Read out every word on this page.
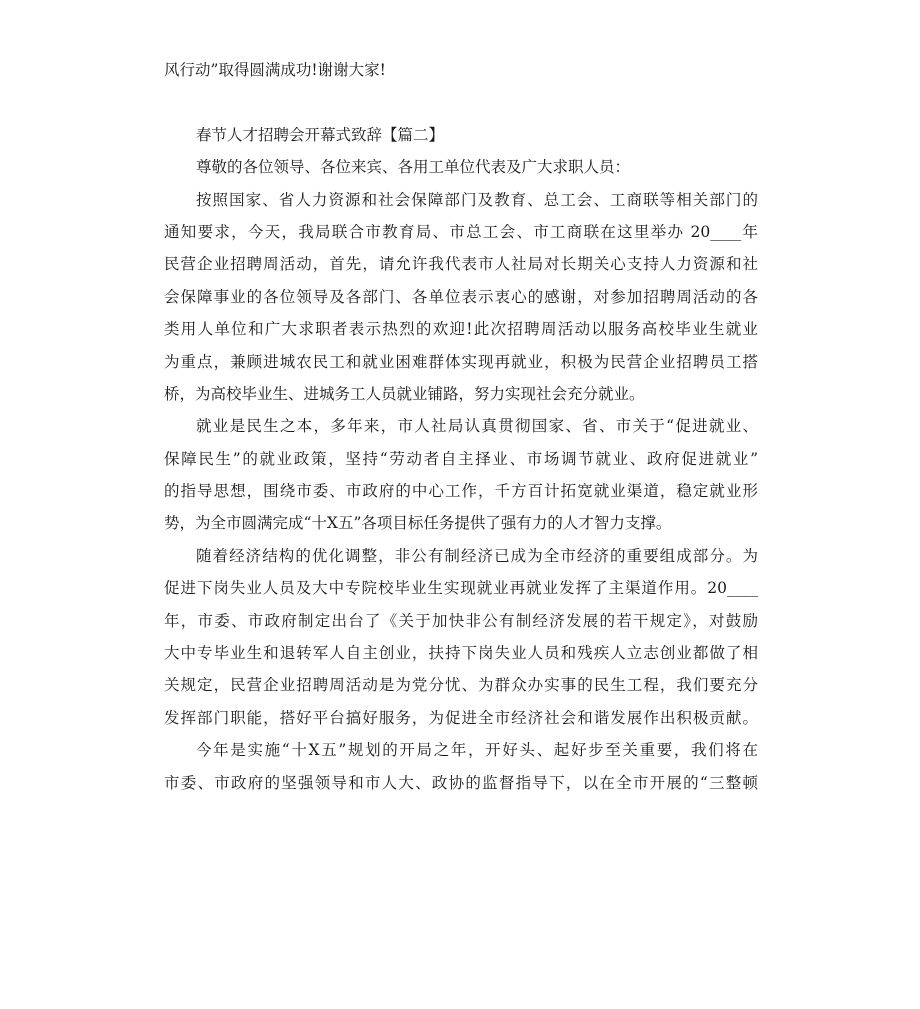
风行动”取得圆满成功!谢谢大家!

春节人才招聘会开幕式致辞【篇二】

尊敬的各位领导、各位来宾、各用工单位代表及广大求职人员：

按照国家、省人力资源和社会保障部门及教育、总工会、工商联等相关部门的

通知要求，今天，我局联合市教育局、市总工会、市工商联在这里举办 20____年

民营企业招聘周活动，首先，请允许我代表市人社局对长期关心支持人力资源和社

会保障事业的各位领导及各部门、各单位表示衷心的感谢，对参加招聘周活动的各

类用人单位和广大求职者表示热烈的欢迎!此次招聘周活动以服务高校毕业生就业

为重点，兼顾进城农民工和就业困难群体实现再就业，积极为民营企业招聘员工搭

桥，为高校毕业生、进城务工人员就业铺路，努力实现社会充分就业。

就业是民生之本，多年来，市人社局认真贯彻国家、省、市关于“促进就业、

保障民生”的就业政策，坚持“劳动者自主择业、市场调节就业、政府促进就业”

的指导思想，围绕市委、市政府的中心工作，千方百计拓宽就业渠道，稳定就业形

势，为全市圆满完成“十X五”各项目标任务提供了强有力的人才智力支撑。

随着经济结构的优化调整，非公有制经济已成为全市经济的重要组成部分。为

促进下岗失业人员及大中专院校毕业生实现就业再就业发挥了主渠道作用。20____

年，市委、市政府制定出台了《关于加快非公有制经济发展的若干规定》，对鼓励

大中专毕业生和退转军人自主创业，扶持下岗失业人员和残疾人立志创业都做了相

关规定，民营企业招聘周活动是为党分忧、为群众办实事的民生工程，我们要充分

发挥部门职能，搭好平台搞好服务，为促进全市经济社会和谐发展作出积极贡献。

今年是实施“十X五”规划的开局之年，开好头、起好步至关重要，我们将在

市委、市政府的坚强领导和市人大、政协的监督指导下，以在全市开展的“三整顿
